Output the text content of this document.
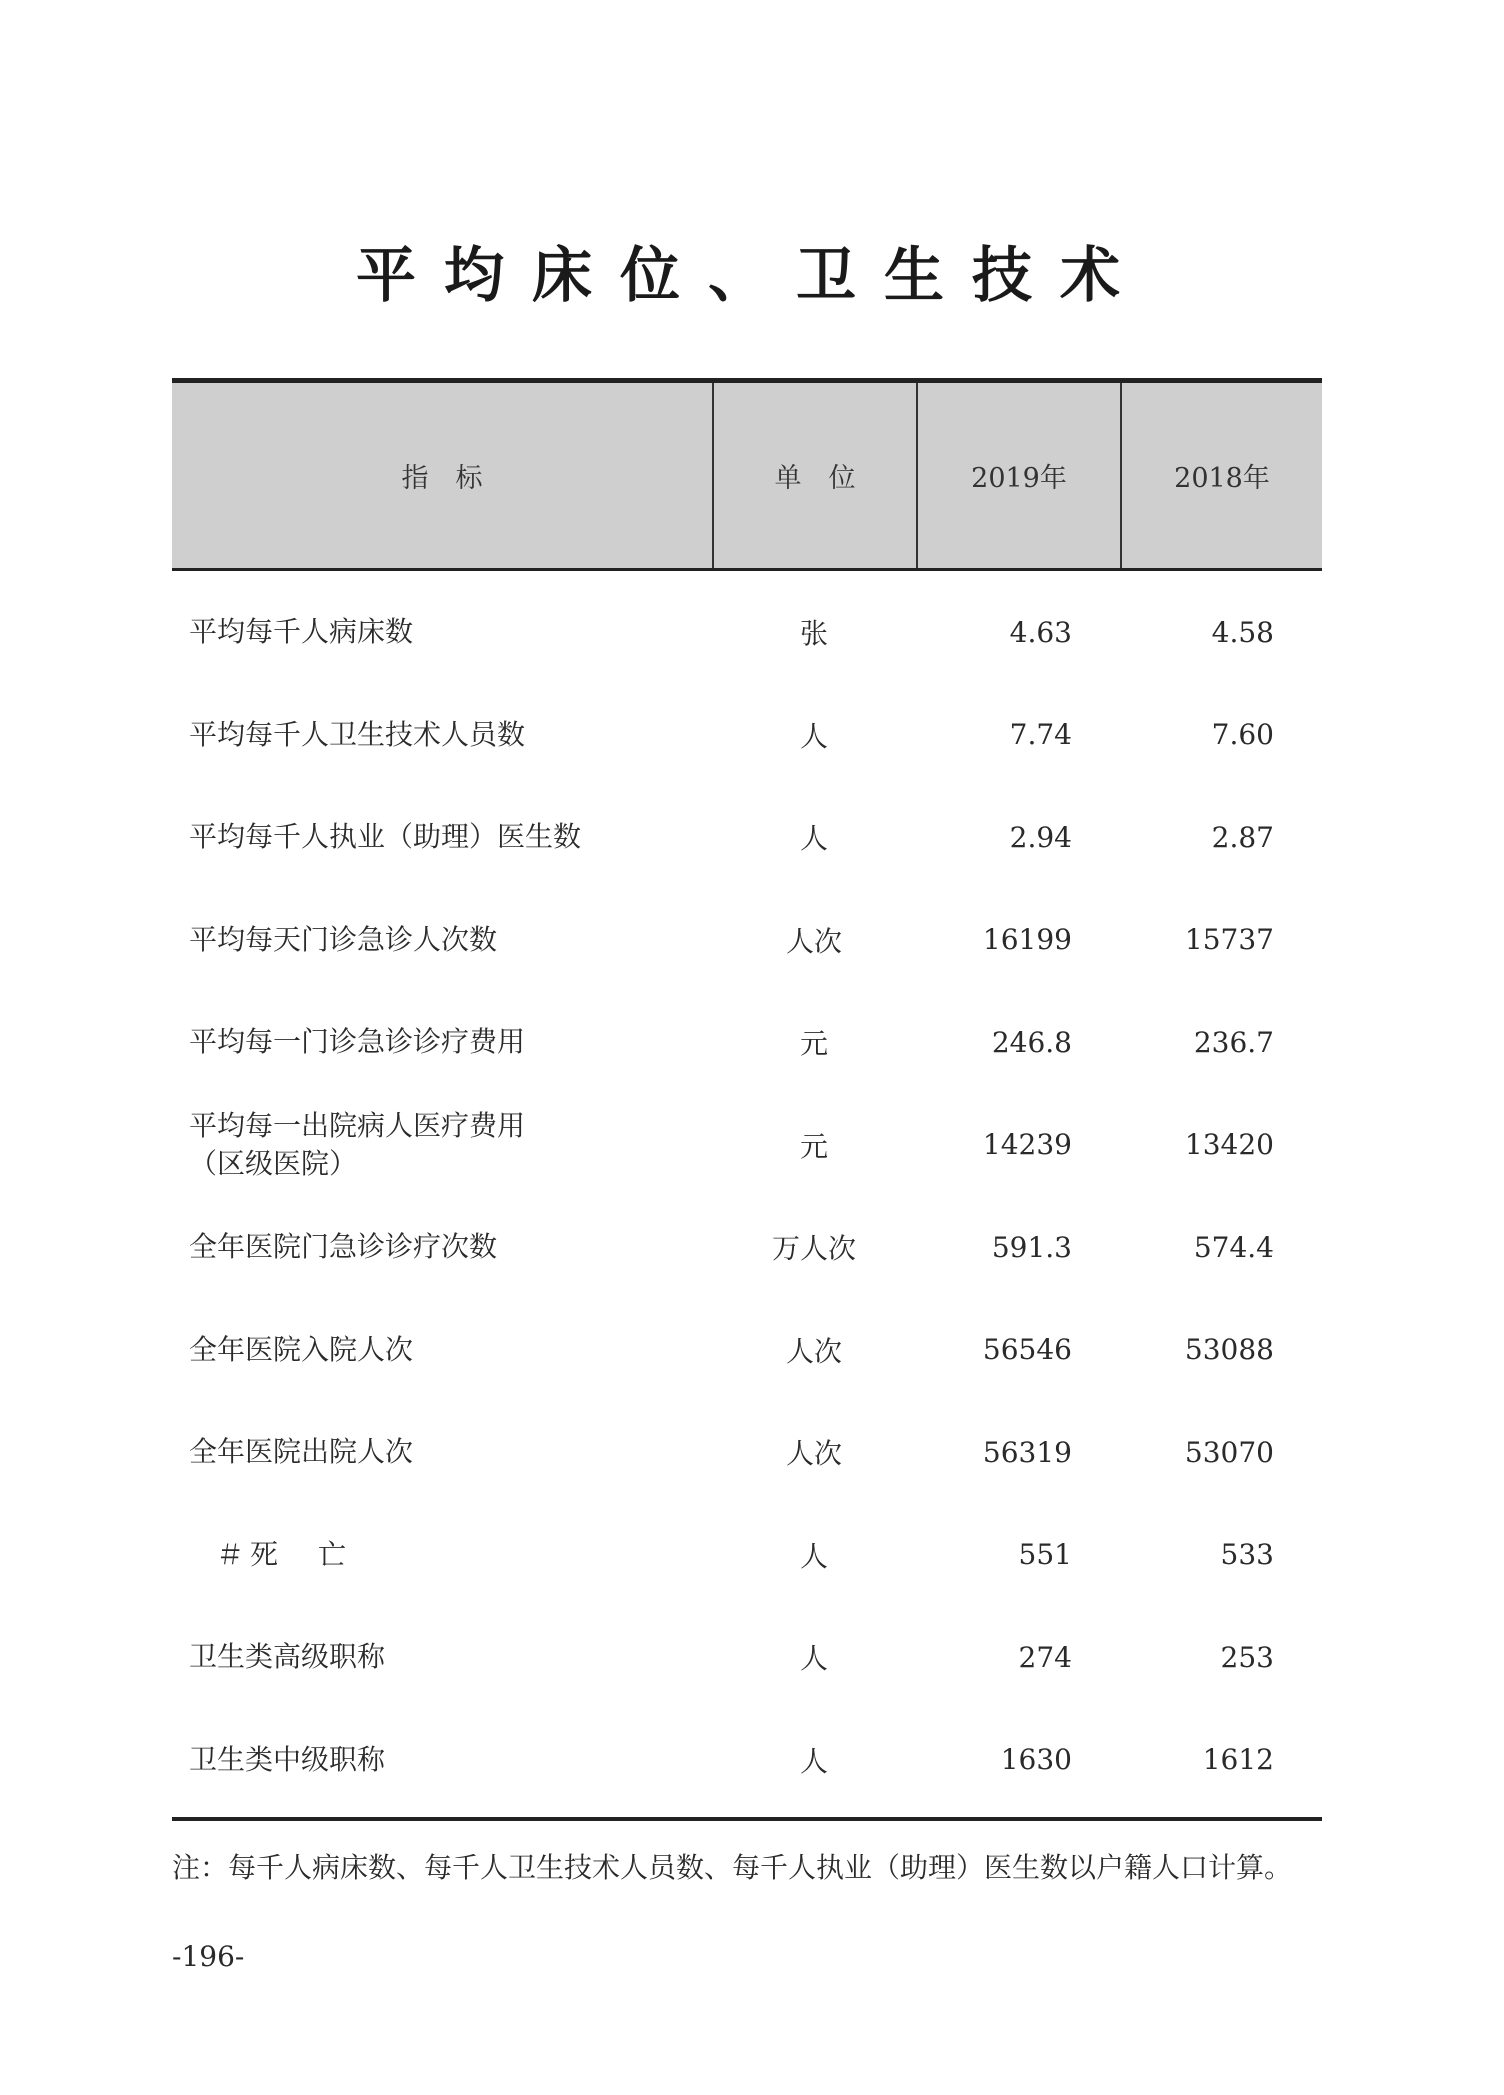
平均床位、卫生技术
指　标	单　位	2019年	2018年
平均每千人病床数	张	4.63	4.58
平均每千人卫生技术人员数	人	7.74	7.60
平均每千人执业（助理）医生数	人	2.94	2.87
平均每天门诊急诊人次数	人次	16199	15737
平均每一门诊急诊诊疗费用	元	246.8	236.7
平均每一出院病人医疗费用
（区级医院）
元	14239	13420
全年医院门急诊诊疗次数	万人次	591.3	574.4
全年医院入院人次	人次	56546	53088
全年医院出院人次	人次	56319	53070
＃死　亡	人	551	533
卫生类高级职称	人	274	253
卫生类中级职称	人	1630	1612
注：每千人病床数、每千人卫生技术人员数、每千人执业（助理）医生数以户籍人口计算。
-196-
